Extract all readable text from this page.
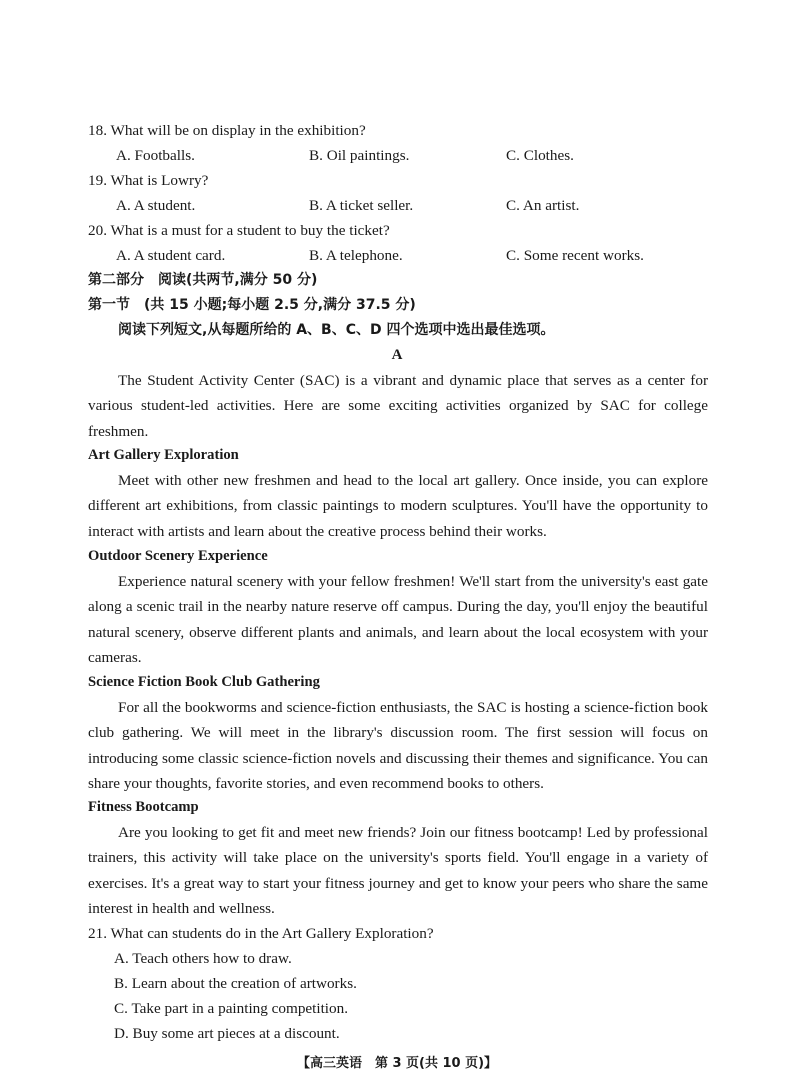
18. What will be on display in the exhibition?
A. Footballs.	B. Oil paintings.	C. Clothes.
19. What is Lowry?
A. A student.	B. A ticket seller.	C. An artist.
20. What is a must for a student to buy the ticket?
A. A student card.	B. A telephone.	C. Some recent works.
第二部分　阅读(共两节,满分 50 分)
第一节　(共 15 小题;每小题 2.5 分,满分 37.5 分)
阅读下列短文,从每题所给的 A、B、C、D 四个选项中选出最佳选项。
A
The Student Activity Center (SAC) is a vibrant and dynamic place that serves as a center for various student-led activities. Here are some exciting activities organized by SAC for college freshmen.
Art Gallery Exploration
Meet with other new freshmen and head to the local art gallery. Once inside, you can explore different art exhibitions, from classic paintings to modern sculptures. You'll have the opportunity to interact with artists and learn about the creative process behind their works.
Outdoor Scenery Experience
Experience natural scenery with your fellow freshmen! We'll start from the university's east gate along a scenic trail in the nearby nature reserve off campus. During the day, you'll enjoy the beautiful natural scenery, observe different plants and animals, and learn about the local ecosystem with your cameras.
Science Fiction Book Club Gathering
For all the bookworms and science-fiction enthusiasts, the SAC is hosting a science-fiction book club gathering. We will meet in the library's discussion room. The first session will focus on introducing some classic science-fiction novels and discussing their themes and significance. You can share your thoughts, favorite stories, and even recommend books to others.
Fitness Bootcamp
Are you looking to get fit and meet new friends? Join our fitness bootcamp! Led by professional trainers, this activity will take place on the university's sports field. You'll engage in a variety of exercises. It's a great way to start your fitness journey and get to know your peers who share the same interest in health and wellness.
21. What can students do in the Art Gallery Exploration?
A. Teach others how to draw.
B. Learn about the creation of artworks.
C. Take part in a painting competition.
D. Buy some art pieces at a discount.
【高三英语　第 3 页(共 10 页)】
